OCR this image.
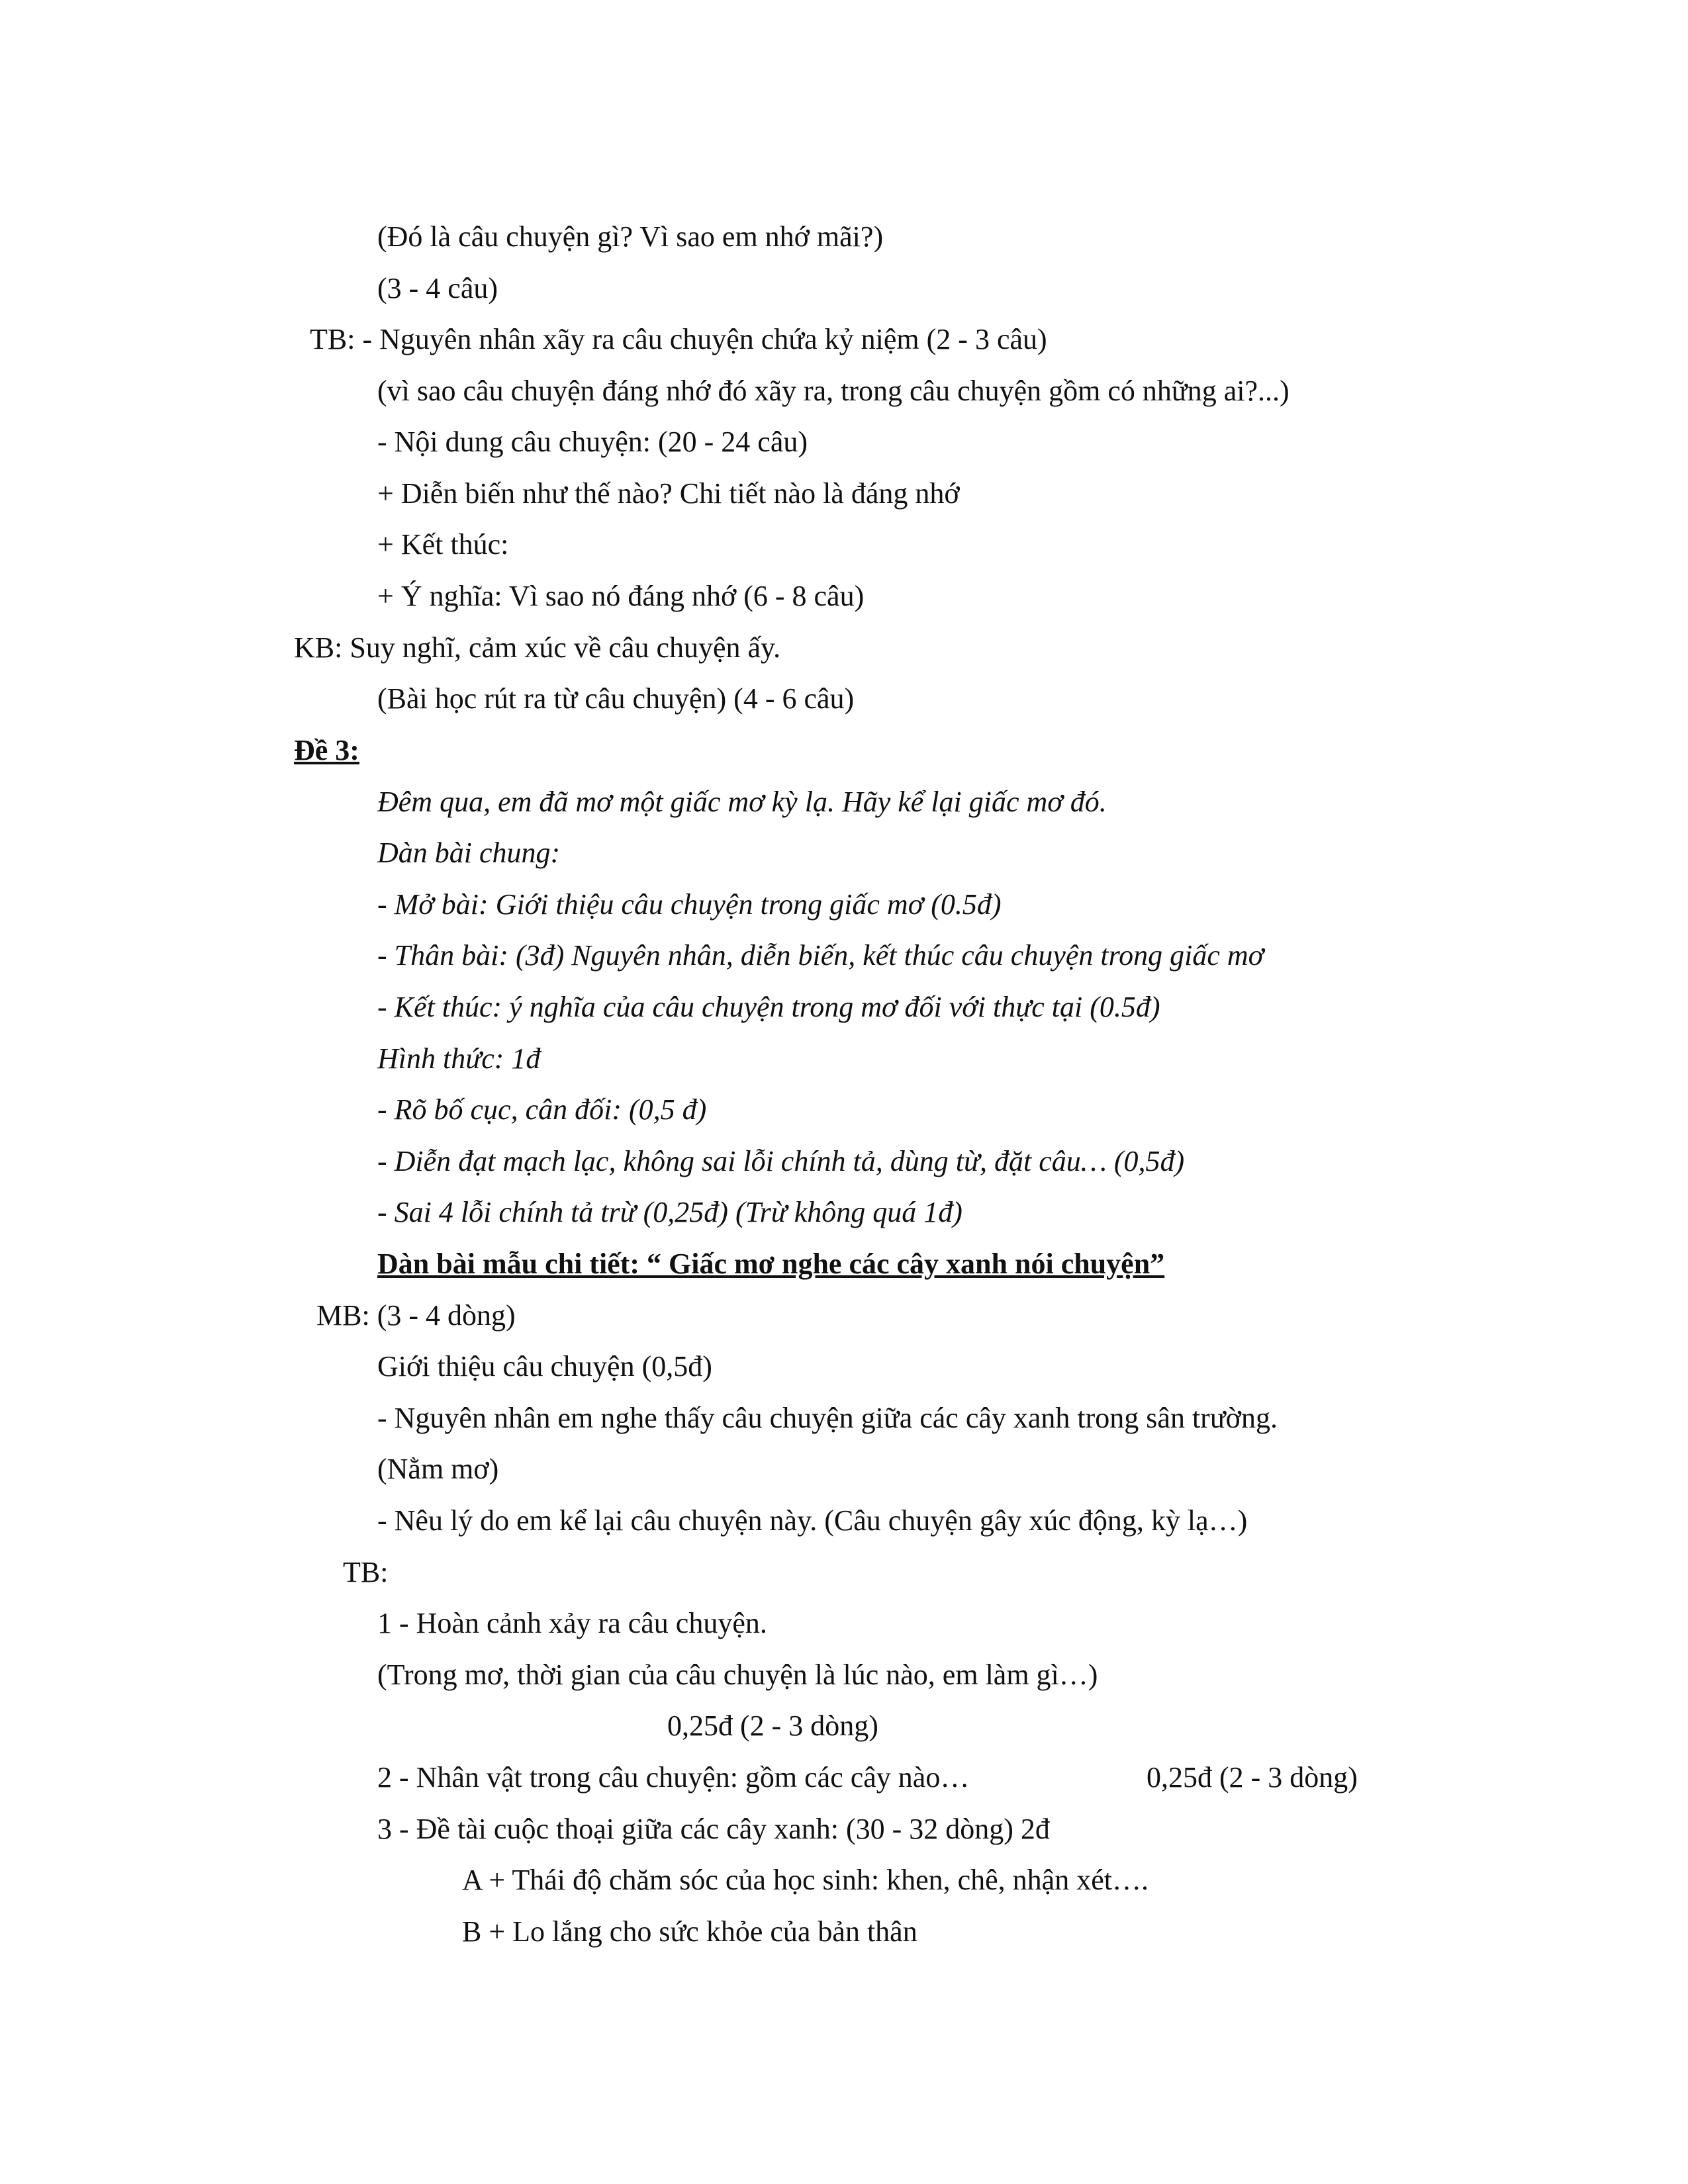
(Đó là câu chuyện gì? Vì sao em nhớ mãi?)
(3 - 4 câu)
TB: - Nguyên nhân xãy ra câu chuyện chứa kỷ niệm (2 - 3 câu)
(vì sao câu chuyện đáng nhớ đó xãy ra, trong câu chuyện gồm có những ai?...)
- Nội dung câu chuyện: (20 - 24 câu)
+ Diễn biến như thế nào? Chi tiết nào là đáng nhớ
+ Kết thúc:
+ Ý nghĩa: Vì sao nó đáng nhớ (6 - 8 câu)
KB: Suy nghĩ, cảm xúc về câu chuyện ấy.
(Bài học rút ra từ câu chuyện) (4 - 6 câu)
Đề 3:
Đêm qua, em đã mơ một giấc mơ kỳ lạ. Hãy kể lại giấc mơ đó.
Dàn bài chung:
- Mở bài: Giới thiệu câu chuyện trong giấc mơ (0.5đ)
- Thân bài: (3đ) Nguyên nhân, diễn biến, kết thúc câu chuyện trong giấc mơ
- Kết thúc: ý nghĩa của câu chuyện trong mơ đối với thực tại (0.5đ)
Hình thức: 1đ
- Rõ bố cục, cân đối: (0,5 đ)
- Diễn đạt mạch lạc, không sai lỗi chính tả, dùng từ, đặt câu… (0,5đ)
- Sai 4 lỗi chính tả trừ (0,25đ) (Trừ không quá 1đ)
Dàn bài mẫu chi tiết: “ Giấc mơ nghe các cây xanh nói chuyện”
MB: (3 - 4 dòng)
Giới thiệu câu chuyện (0,5đ)
- Nguyên nhân em nghe thấy câu chuyện giữa các cây xanh trong sân trường.
(Nằm mơ)
- Nêu lý do em kể lại câu chuyện này. (Câu chuyện gây xúc động, kỳ lạ…)
TB:
1 - Hoàn cảnh xảy ra câu chuyện.
(Trong mơ, thời gian của câu chuyện là lúc nào, em làm gì…)
0,25đ (2 - 3 dòng)
2 - Nhân vật trong câu chuyện: gồm các cây nào…	0,25đ (2 - 3 dòng)
3 - Đề tài cuộc thoại giữa các cây xanh: (30 - 32 dòng) 2đ
A + Thái độ chăm sóc của học sinh: khen, chê, nhận xét….
B + Lo lắng cho sức khỏe của bản thân
